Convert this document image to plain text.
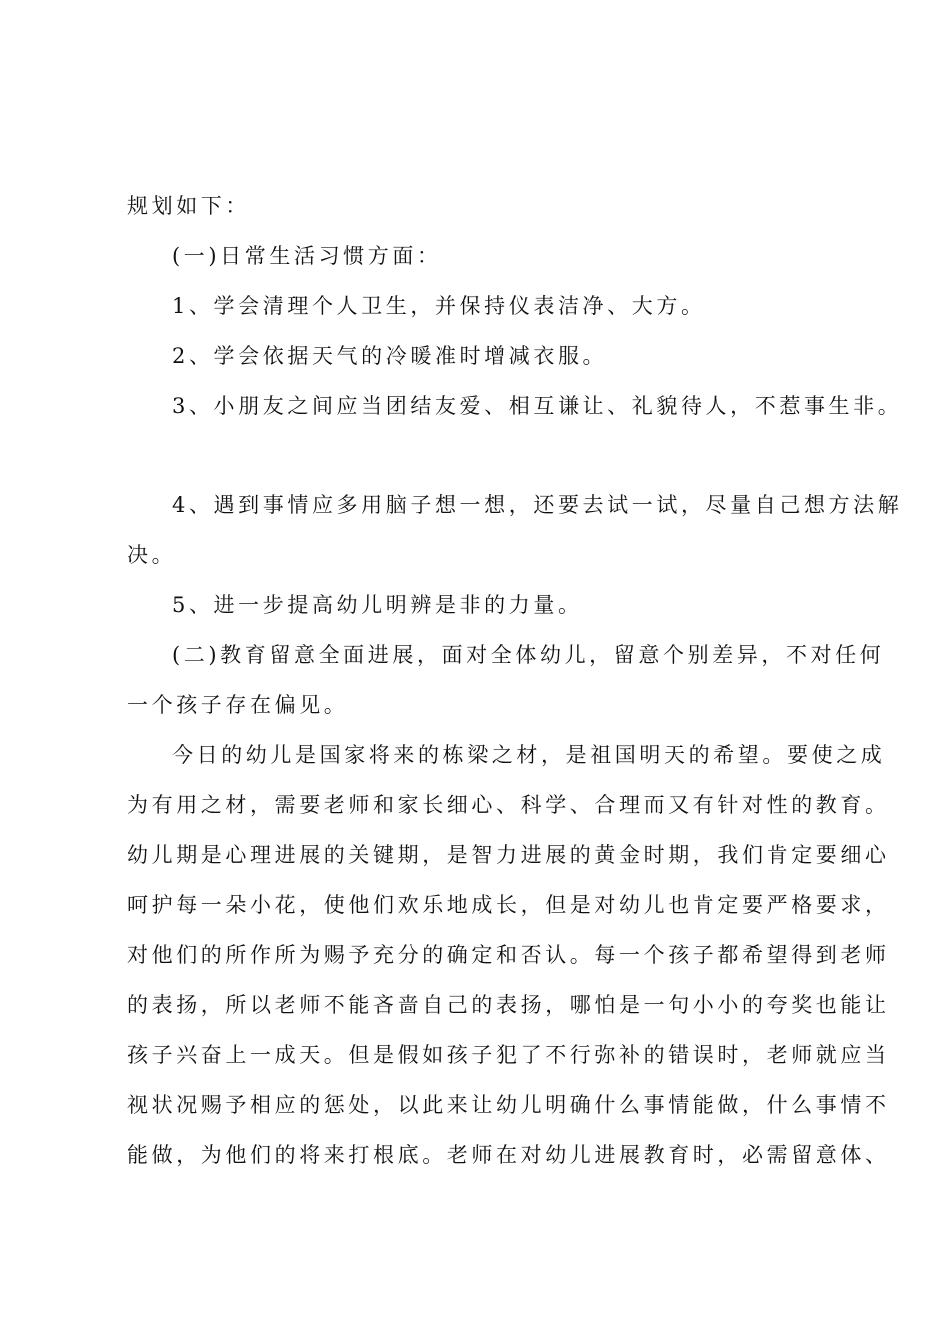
规划如下：
(一)日常生活习惯方面：
1、学会清理个人卫生，并保持仪表洁净、大方。
2、学会依据天气的冷暖准时增减衣服。
3、小朋友之间应当团结友爱、相互谦让、礼貌待人，不惹事生非。
4、遇到事情应多用脑子想一想，还要去试一试，尽量自己想方法解
决。
5、进一步提高幼儿明辨是非的力量。
(二)教育留意全面进展，面对全体幼儿，留意个别差异，不对任何
一个孩子存在偏见。
今日的幼儿是国家将来的栋梁之材，是祖国明天的希望。要使之成
为有用之材，需要老师和家长细心、科学、合理而又有针对性的教育。
幼儿期是心理进展的关键期，是智力进展的黄金时期，我们肯定要细心
呵护每一朵小花，使他们欢乐地成长，但是对幼儿也肯定要严格要求，
对他们的所作所为赐予充分的确定和否认。每一个孩子都希望得到老师
的表扬，所以老师不能吝啬自己的表扬，哪怕是一句小小的夸奖也能让
孩子兴奋上一成天。但是假如孩子犯了不行弥补的错误时，老师就应当
视状况赐予相应的惩处，以此来让幼儿明确什么事情能做，什么事情不
能做，为他们的将来打根底。老师在对幼儿进展教育时，必需留意体、
